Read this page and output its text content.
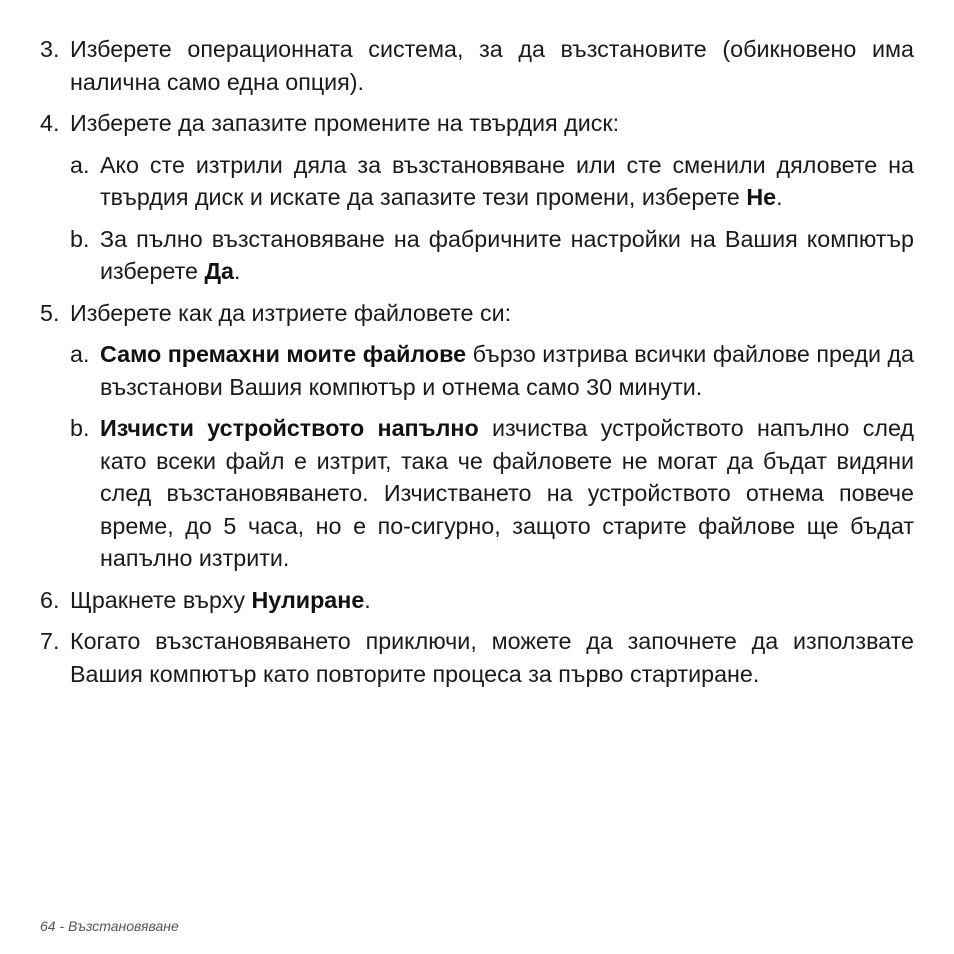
3. Изберете операционната система, за да възстановите (обикновено има налична само една опция).
4. Изберете да запазите промените на твърдия диск:
a. Ако сте изтрили дяла за възстановяване или сте сменили дяловете на твърдия диск и искате да запазите тези промени, изберете Не.
b. За пълно възстановяване на фабричните настройки на Вашия компютър изберете Да.
5. Изберете как да изтриете файловете си:
a. Само премахни моите файлове бързо изтрива всички файлове преди да възстанови Вашия компютър и отнема само 30 минути.
b. Изчисти устройството напълно изчиства устройството напълно след като всеки файл е изтрит, така че файловете не могат да бъдат видяни след възстановяването. Изчистването на устройството отнема повече време, до 5 часа, но е по-сигурно, защото старите файлове ще бъдат напълно изтрити.
6. Щракнете върху Нулиране.
7. Когато възстановяването приключи, можете да започнете да използвате Вашия компютър като повторите процеса за първо стартиране.
64 - Възстановяване
